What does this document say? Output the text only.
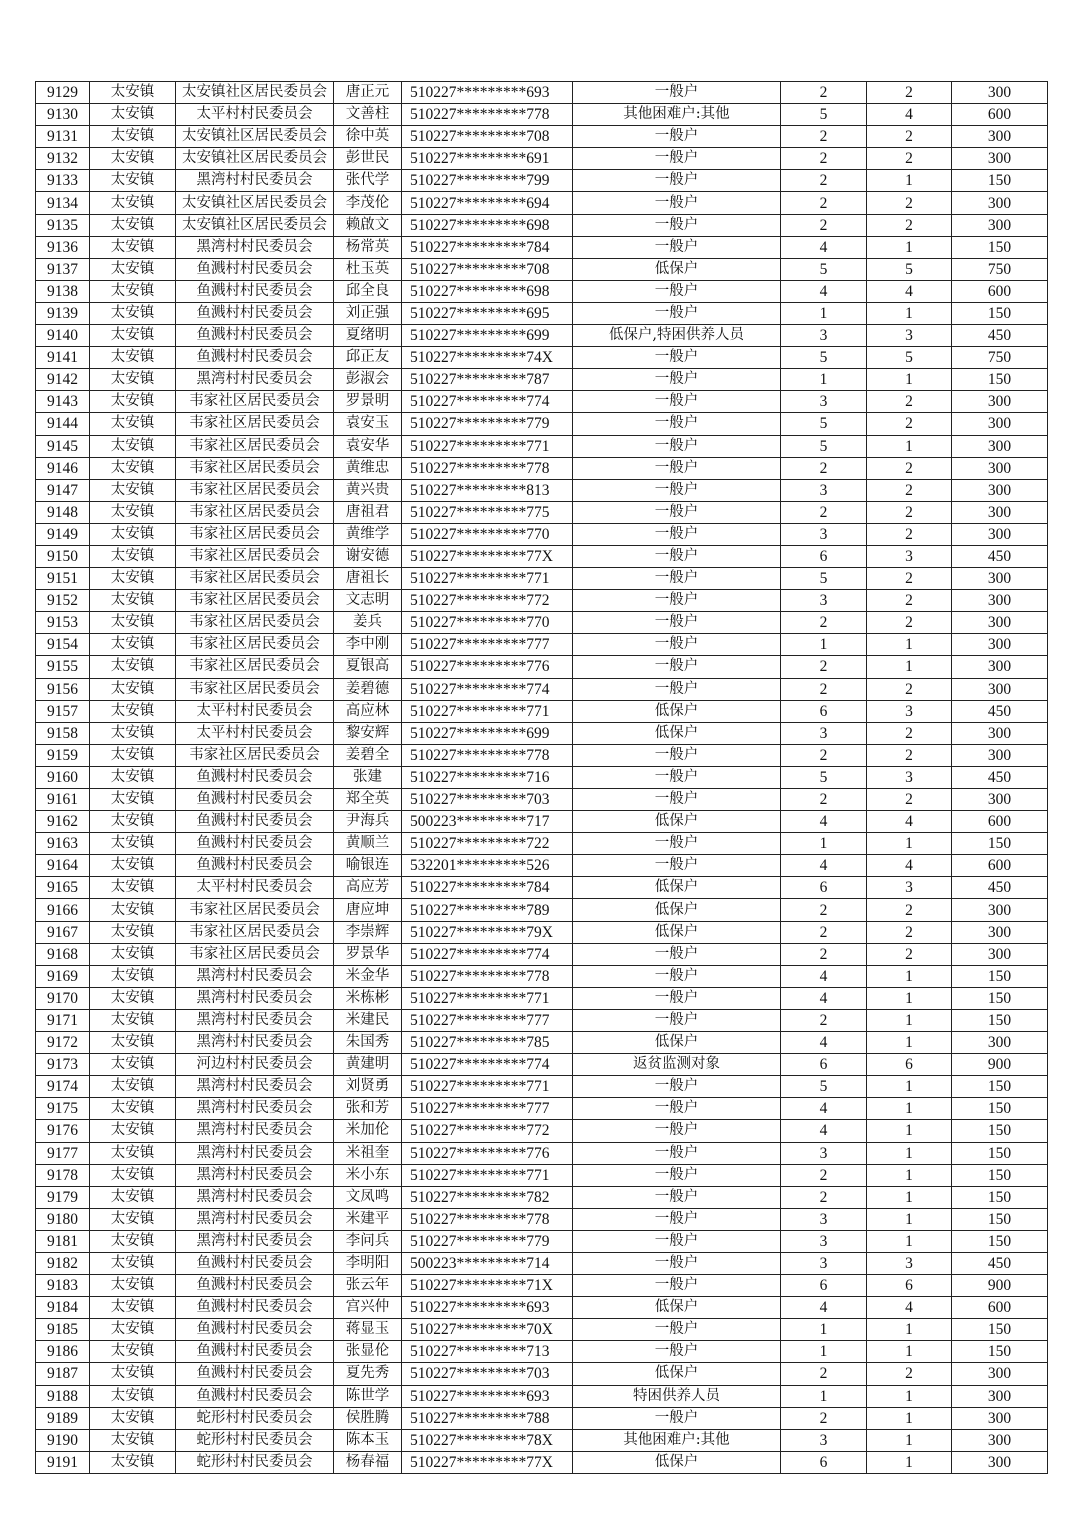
9129	太安镇	太安镇社区居民委员会	唐正元	510227*********693	一般户	2	2	300
9130	太安镇	太平村村民委员会	文善柱	510227*********778	其他困难户:其他	5	4	600
9131	太安镇	太安镇社区居民委员会	徐中英	510227*********708	一般户	2	2	300
9132	太安镇	太安镇社区居民委员会	彭世民	510227*********691	一般户	2	2	300
9133	太安镇	黑湾村村民委员会	张代学	510227*********799	一般户	2	1	150
9134	太安镇	太安镇社区居民委员会	李茂伦	510227*********694	一般户	2	2	300
9135	太安镇	太安镇社区居民委员会	赖啟文	510227*********698	一般户	2	2	300
9136	太安镇	黑湾村村民委员会	杨常英	510227*********784	一般户	4	1	150
9137	太安镇	鱼溅村村民委员会	杜玉英	510227*********708	低保户	5	5	750
9138	太安镇	鱼溅村村民委员会	邱全良	510227*********698	一般户	4	4	600
9139	太安镇	鱼溅村村民委员会	刘正强	510227*********695	一般户	1	1	150
9140	太安镇	鱼溅村村民委员会	夏绪明	510227*********699	低保户,特困供养人员	3	3	450
9141	太安镇	鱼溅村村民委员会	邱正友	510227*********74X	一般户	5	5	750
9142	太安镇	黑湾村村民委员会	彭淑会	510227*********787	一般户	1	1	150
9143	太安镇	韦家社区居民委员会	罗景明	510227*********774	一般户	3	2	300
9144	太安镇	韦家社区居民委员会	袁安玉	510227*********779	一般户	5	2	300
9145	太安镇	韦家社区居民委员会	袁安华	510227*********771	一般户	5	1	300
9146	太安镇	韦家社区居民委员会	黄维忠	510227*********778	一般户	2	2	300
9147	太安镇	韦家社区居民委员会	黄兴贵	510227*********813	一般户	3	2	300
9148	太安镇	韦家社区居民委员会	唐祖君	510227*********775	一般户	2	2	300
9149	太安镇	韦家社区居民委员会	黄维学	510227*********770	一般户	3	2	300
9150	太安镇	韦家社区居民委员会	谢安德	510227*********77X	一般户	6	3	450
9151	太安镇	韦家社区居民委员会	唐祖长	510227*********771	一般户	5	2	300
9152	太安镇	韦家社区居民委员会	文志明	510227*********772	一般户	3	2	300
9153	太安镇	韦家社区居民委员会	姜兵	510227*********770	一般户	2	2	300
9154	太安镇	韦家社区居民委员会	李中刚	510227*********777	一般户	1	1	300
9155	太安镇	韦家社区居民委员会	夏银高	510227*********776	一般户	2	1	300
9156	太安镇	韦家社区居民委员会	姜碧德	510227*********774	一般户	2	2	300
9157	太安镇	太平村村民委员会	高应林	510227*********771	低保户	6	3	450
9158	太安镇	太平村村民委员会	黎安辉	510227*********699	低保户	3	2	300
9159	太安镇	韦家社区居民委员会	姜碧全	510227*********778	一般户	2	2	300
9160	太安镇	鱼溅村村民委员会	张建	510227*********716	一般户	5	3	450
9161	太安镇	鱼溅村村民委员会	郑全英	510227*********703	一般户	2	2	300
9162	太安镇	鱼溅村村民委员会	尹海兵	500223*********717	低保户	4	4	600
9163	太安镇	鱼溅村村民委员会	黄顺兰	510227*********722	一般户	1	1	150
9164	太安镇	鱼溅村村民委员会	喻银连	532201*********526	一般户	4	4	600
9165	太安镇	太平村村民委员会	高应芳	510227*********784	低保户	6	3	450
9166	太安镇	韦家社区居民委员会	唐应坤	510227*********789	低保户	2	2	300
9167	太安镇	韦家社区居民委员会	李崇辉	510227*********79X	低保户	2	2	300
9168	太安镇	韦家社区居民委员会	罗景华	510227*********774	一般户	2	2	300
9169	太安镇	黑湾村村民委员会	米金华	510227*********778	一般户	4	1	150
9170	太安镇	黑湾村村民委员会	米栋彬	510227*********771	一般户	4	1	150
9171	太安镇	黑湾村村民委员会	米建民	510227*********777	一般户	2	1	150
9172	太安镇	黑湾村村民委员会	朱国秀	510227*********785	低保户	4	1	300
9173	太安镇	河边村村民委员会	黄建明	510227*********774	返贫监测对象	6	6	900
9174	太安镇	黑湾村村民委员会	刘贤勇	510227*********771	一般户	5	1	150
9175	太安镇	黑湾村村民委员会	张和芳	510227*********777	一般户	4	1	150
9176	太安镇	黑湾村村民委员会	米加伦	510227*********772	一般户	4	1	150
9177	太安镇	黑湾村村民委员会	米祖奎	510227*********776	一般户	3	1	150
9178	太安镇	黑湾村村民委员会	米小东	510227*********771	一般户	2	1	150
9179	太安镇	黑湾村村民委员会	文凤鸣	510227*********782	一般户	2	1	150
9180	太安镇	黑湾村村民委员会	米建平	510227*********778	一般户	3	1	150
9181	太安镇	黑湾村村民委员会	李问兵	510227*********779	一般户	3	1	150
9182	太安镇	鱼溅村村民委员会	李明阳	500223*********714	一般户	3	3	450
9183	太安镇	鱼溅村村民委员会	张云年	510227*********71X	一般户	6	6	900
9184	太安镇	鱼溅村村民委员会	宫兴仲	510227*********693	低保户	4	4	600
9185	太安镇	鱼溅村村民委员会	蒋显玉	510227*********70X	一般户	1	1	150
9186	太安镇	鱼溅村村民委员会	张显伦	510227*********713	一般户	1	1	150
9187	太安镇	鱼溅村村民委员会	夏先秀	510227*********703	低保户	2	2	300
9188	太安镇	鱼溅村村民委员会	陈世学	510227*********693	特困供养人员	1	1	300
9189	太安镇	蛇形村村民委员会	侯胜腾	510227*********788	一般户	2	1	300
9190	太安镇	蛇形村村民委员会	陈本玉	510227*********78X	其他困难户:其他	3	1	300
9191	太安镇	蛇形村村民委员会	杨春福	510227*********77X	低保户	6	1	300
